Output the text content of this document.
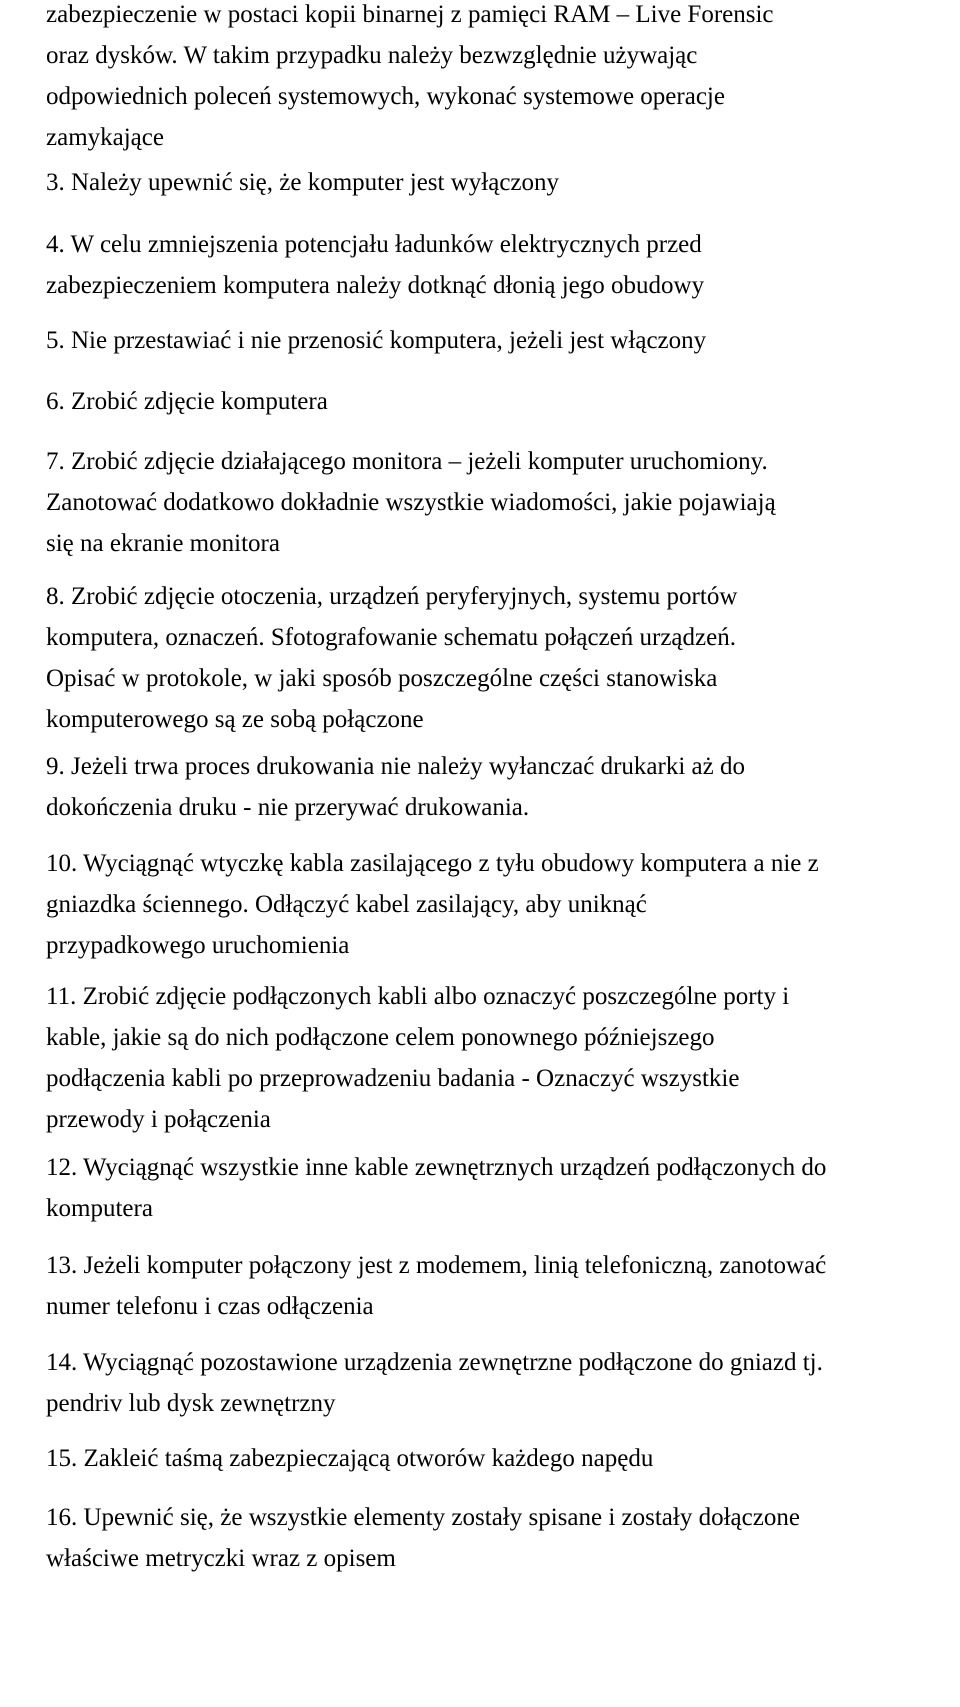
zabezpieczenie w postaci kopii binarnej z pamięci RAM – Live Forensic
oraz dysków. W takim przypadku należy bezwzględnie używając
odpowiednich poleceń systemowych, wykonać systemowe operacje
zamykające
3. Należy upewnić się, że komputer jest wyłączony
4. W celu zmniejszenia potencjału ładunków elektrycznych przed
zabezpieczeniem komputera należy dotknąć dłonią jego obudowy
5. Nie przestawiać i nie przenosić komputera, jeżeli jest włączony
6. Zrobić zdjęcie komputera
7. Zrobić zdjęcie działającego monitora – jeżeli komputer uruchomiony.
Zanotować dodatkowo dokładnie wszystkie wiadomości, jakie pojawiają
się na ekranie monitora
8. Zrobić zdjęcie otoczenia, urządzeń peryferyjnych, systemu portów
komputera, oznaczeń. Sfotografowanie schematu połączeń urządzeń.
Opisać w protokole, w jaki sposób poszczególne części stanowiska
komputerowego są ze sobą połączone
9. Jeżeli trwa proces drukowania nie należy wyłanczać drukarki aż do
dokończenia druku - nie przerywać drukowania.
10. Wyciągnąć wtyczkę kabla zasilającego z tyłu obudowy komputera a nie z
gniazdka ściennego. Odłączyć kabel zasilający, aby uniknąć
przypadkowego uruchomienia
11. Zrobić zdjęcie podłączonych kabli albo oznaczyć poszczególne porty i
kable, jakie są do nich podłączone celem ponownego późniejszego
podłączenia kabli po przeprowadzeniu badania - Oznaczyć wszystkie
przewody i połączenia
12. Wyciągnąć wszystkie inne kable zewnętrznych urządzeń podłączonych do
komputera
13. Jeżeli komputer połączony jest z modemem, linią telefoniczną, zanotować
numer telefonu i czas odłączenia
14. Wyciągnąć pozostawione urządzenia zewnętrzne podłączone do gniazd tj.
pendriv lub dysk zewnętrzny
15. Zakleić taśmą zabezpieczającą otworów każdego napędu
16. Upewnić się, że wszystkie elementy zostały spisane i zostały dołączone
właściwe metryczki wraz z opisem
